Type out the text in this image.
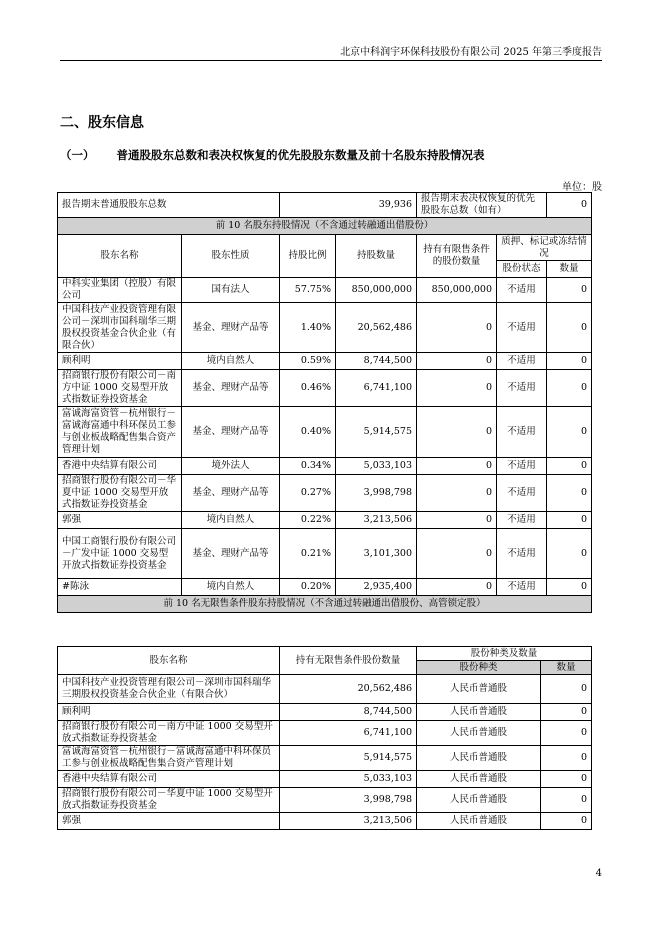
北京中科润宇环保科技股份有限公司 2025 年第三季度报告
二、股东信息
（一） 普通股股东总数和表决权恢复的优先股股东数量及前十名股东持股情况表
单位：股
报告期末普通股股东总数		39,936		报告期末表决权恢复的优先股股东总数（如有）		0
前 10 名股东持股情况（不含通过转融通出借股份）						
股东名称	股东性质	持股比例	持股数量	持有有限售条件的股份数量	质押、标记或冻结情况	
					股份状态	数量
中科实业集团（控股）有限公司	国有法人	57.75%	850,000,000	850,000,000	不适用	0
中国科技产业投资管理有限公司－深圳市国科瑞华三期股权投资基金合伙企业（有限合伙）	基金、理财产品等	1.40%	20,562,486	0	不适用	0
顾利明	境内自然人	0.59%	8,744,500	0	不适用	0
招商银行股份有限公司－南方中证 1000 交易型开放式指数证券投资基金	基金、理财产品等	0.46%	6,741,100	0	不适用	0
富诚海富资管－杭州银行－富诚海富通中科环保员工参与创业板战略配售集合资产管理计划	基金、理财产品等	0.40%	5,914,575	0	不适用	0
香港中央结算有限公司	境外法人	0.34%	5,033,103	0	不适用	0
招商银行股份有限公司－华夏中证 1000 交易型开放式指数证券投资基金	基金、理财产品等	0.27%	3,998,798	0	不适用	0
郭强	境内自然人	0.22%	3,213,506	0	不适用	0
中国工商银行股份有限公司－广发中证 1000 交易型开放式指数证券投资基金	基金、理财产品等	0.21%	3,101,300	0	不适用	0
#陈泳	境内自然人	0.20%	2,935,400	0	不适用	0
前 10 名无限售条件股东持股情况（不含通过转融通出借股份、高管锁定股）						
股东名称	持有无限售条件股份数量	股份种类及数量	
		股份种类	数量
中国科技产业投资管理有限公司－深圳市国科瑞华三期股权投资基金合伙企业（有限合伙）	20,562,486	人民币普通股	0
顾利明	8,744,500	人民币普通股	0
招商银行股份有限公司－南方中证 1000 交易型开放式指数证券投资基金	6,741,100	人民币普通股	0
富诚海富资管－杭州银行－富诚海富通中科环保员工参与创业板战略配售集合资产管理计划	5,914,575	人民币普通股	0
香港中央结算有限公司	5,033,103	人民币普通股	0
招商银行股份有限公司－华夏中证 1000 交易型开放式指数证券投资基金	3,998,798	人民币普通股	0
郭强	3,213,506	人民币普通股	0
4
